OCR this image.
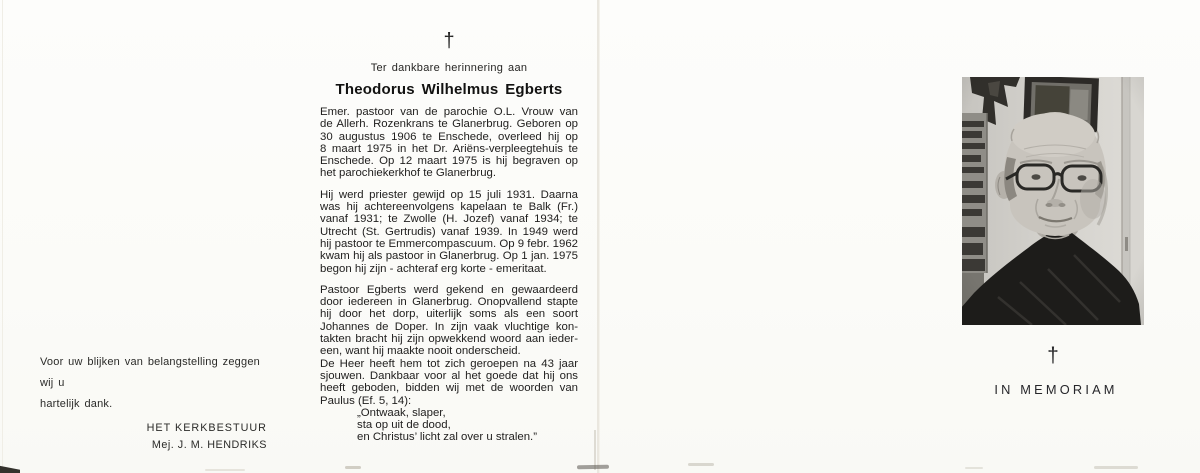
Voor uw blijken van belangstelling zeggen wij u
hartelijk dank.

HET KERKBESTUUR
Mej. J. M. HENDRIKS
†
Ter dankbare herinnering aan
Theodorus Wilhelmus Egberts
Emer. pastoor van de parochie O.L. Vrouw van
de Allerh. Rozenkrans te Glanerbrug. Geboren op
30 augustus 1906 te Enschede, overleed hij op
8 maart 1975 in het Dr. Ariëns-verpleegtehuis te
Enschede. Op 12 maart 1975 is hij begraven op
het parochiekerkhof te Glanerbrug.
Hij werd priester gewijd op 15 juli 1931. Daarna
was hij achtereenvolgens kapelaan te Balk (Fr.)
vanaf 1931; te Zwolle (H. Jozef) vanaf 1934; te
Utrecht (St. Gertrudis) vanaf 1939. In 1949 werd
hij pastoor te Emmercompascuum. Op 9 febr. 1962
kwam hij als pastoor in Glanerbrug. Op 1 jan. 1975
begon hij zijn - achteraf erg korte - emeritaat.
Pastoor Egberts werd gekend en gewaardeerd
door iedereen in Glanerbrug. Onopvallend stapte
hij door het dorp, uiterlijk soms als een soort
Johannes de Doper. In zijn vaak vluchtige kon-
takten bracht hij zijn opwekkend woord aan ieder-
een, want hij maakte nooit onderscheid.
De Heer heeft hem tot zich geroepen na 43 jaar
sjouwen. Dankbaar voor al het goede dat hij ons
heeft geboden, bidden wij met de woorden van
Paulus (Ef. 5, 14):
„Ontwaak, slaper,
sta op uit de dood,
en Christus’ licht zal over u stralen.”
†
IN MEMORIAM
